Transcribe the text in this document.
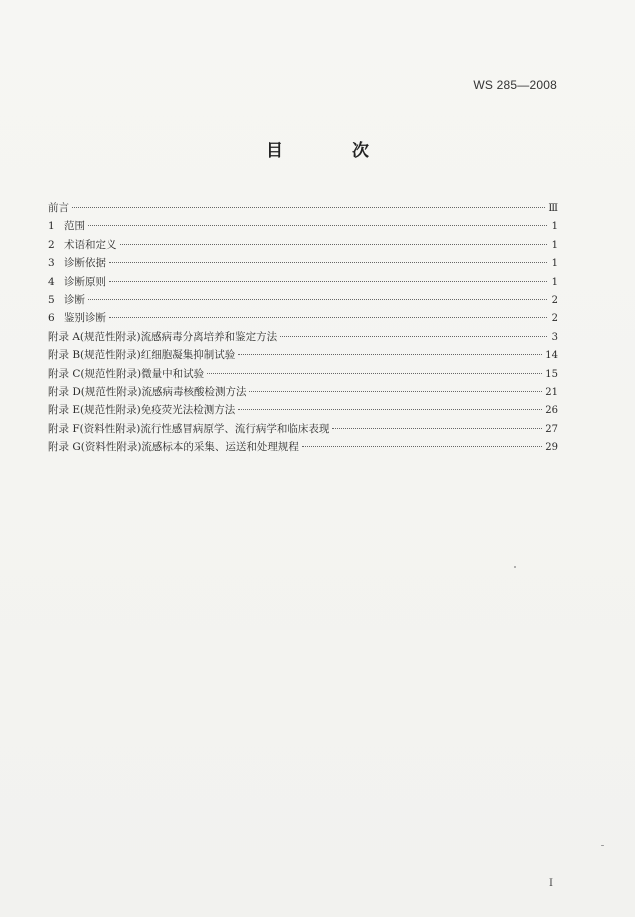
WS 285—2008
目　次
前言	Ⅲ
1 范围	1
2 术语和定义	1
3 诊断依据	1
4 诊断原则	1
5 诊断	2
6 鉴别诊断	2
附录 A(规范性附录)流感病毒分离培养和鉴定方法	3
附录 B(规范性附录)红细胞凝集抑制试验	14
附录 C(规范性附录)微量中和试验	15
附录 D(规范性附录)流感病毒核酸检测方法	21
附录 E(规范性附录)免疫荧光法检测方法	26
附录 F(资料性附录)流行性感冒病原学、流行病学和临床表现	27
附录 G(资料性附录)流感标本的采集、运送和处理规程	29
I
